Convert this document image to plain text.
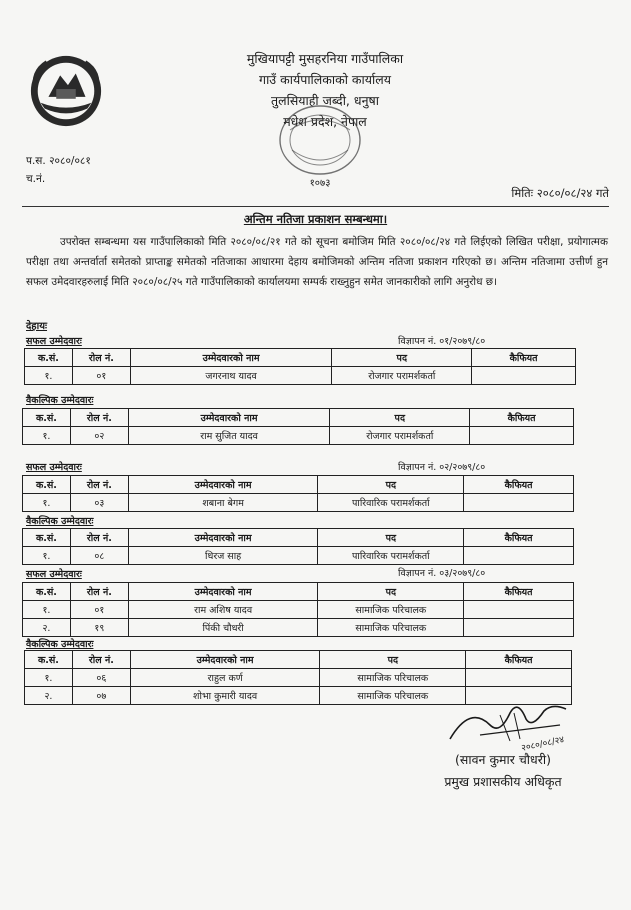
मुखियापट्टी मुसहरनिया गाउँपालिका
गाउँ कार्यपालिकाको कार्यालय
तुलसियाही जब्दी, धनुषा
मधेश प्रदेश, नेपाल
१०७३
प.स. २०८०/०८१
च.नं.
मितिः २०८०/०८/२४ गते
अन्तिम नतिजा प्रकाशन सम्बन्धमा।

उपरोक्त सम्बन्धमा यस गाउँपालिकाको मिति २०८०/०८/२१ गते को सूचना बमोजिम मिति २०८०/०८/२४ गते लिईएको लिखित परीक्षा, प्रयोगात्मक परीक्षा तथा अन्तर्वार्ता समेतको प्राप्ताङ्क समेतको नतिजाका आधारमा देहाय बमोजिमको अन्तिम नतिजा प्रकाशन गरिएको छ। अन्तिम नतिजामा उत्तीर्ण हुन सफल उमेदवारहरुलाई मिति २०८०/०८/२५ गते गाउँपालिकाको कार्यालयमा सम्पर्क राख्नुहुन समेत जानकारीको लागि अनुरोध छ।

देहायः
सफल उम्मेदवारः	विज्ञापन नं. ०१/२०७९/८०
क.सं.	रोल नं.	उम्मेदवारको नाम	पद	कैफियत
१.	०१	जगरनाथ यादव	रोजगार परामर्शकर्ता	
वैकल्पिक उम्मेदवारः
क.सं.	रोल नं.	उम्मेदवारको नाम	पद	कैफियत
१.	०२	राम सुजित यादव	रोजगार परामर्शकर्ता	
सफल उम्मेदवारः	विज्ञापन नं. ०२/२०७९/८०
क.सं.	रोल नं.	उम्मेदवारको नाम	पद	कैफियत
१.	०३	शबाना बेगम	पारिवारिक परामर्शकर्ता	
वैकल्पिक उम्मेदवारः
क.सं.	रोल नं.	उम्मेदवारको नाम	पद	कैफियत
१.	०८	धिरज साह	पारिवारिक परामर्शकर्ता	
सफल उम्मेदवारः	विज्ञापन नं. ०३/२०७९/८०
क.सं.	रोल नं.	उम्मेदवारको नाम	पद	कैफियत
१.	०१	राम अशिष यादव	सामाजिक परिचालक	
२.	१९	पिंकी चौधरी	सामाजिक परिचालक	
वैकल्पिक उम्मेदवारः
क.सं.	रोल नं.	उम्मेदवारको नाम	पद	कैफियत
१.	०६	राहुल कर्ण	सामाजिक परिचालक	
२.	०७	शोभा कुमारी यादव	सामाजिक परिचालक	
२०८०/०८/२४
(सावन कुमार चौधरी)
प्रमुख प्रशासकीय अधिकृत
